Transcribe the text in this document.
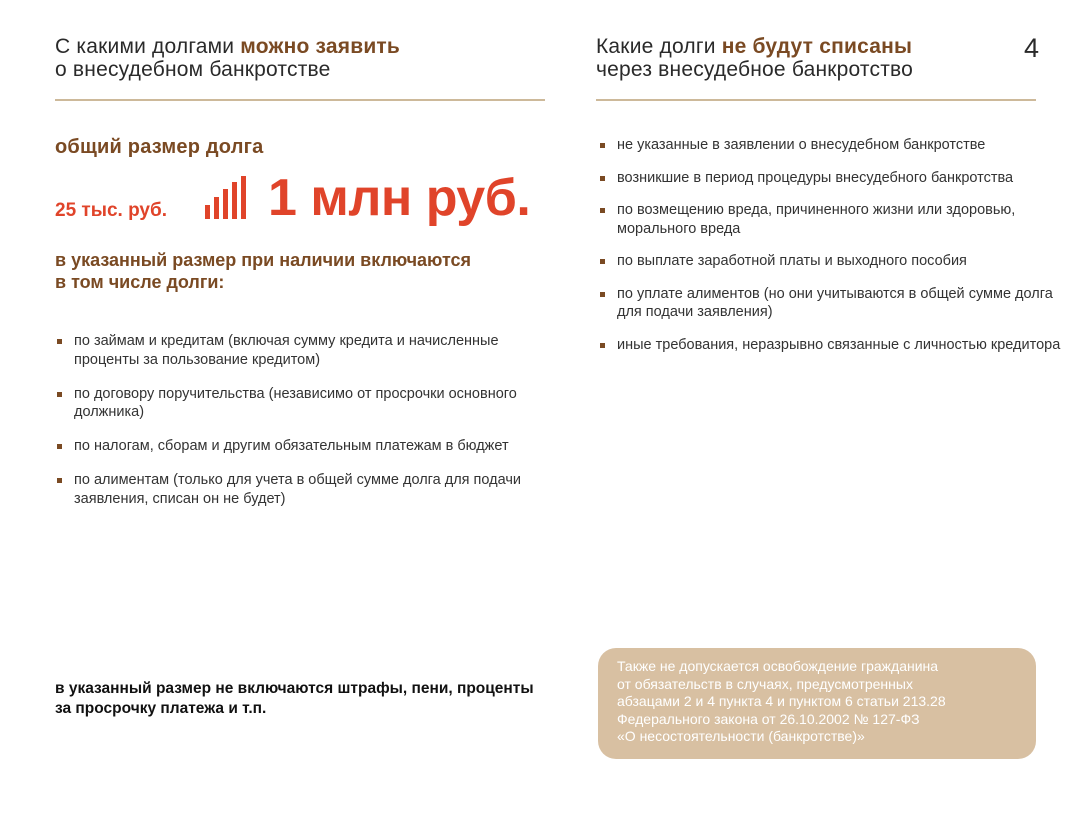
С какими долгами можно заявить
о внесудебном банкротстве
общий размер долга
25 тыс. руб. 1 млн руб.
в указанный размер при наличии включаются в том числе долги:
по займам и кредитам (включая сумму кредита и начисленные проценты за пользование кредитом)
по договору поручительства (независимо от просрочки основного должника)
по налогам, сборам и другим обязательным платежам в бюджет
по алиментам (только для учета в общей сумме долга для подачи заявления, списан он не будет)
в указанный размер не включаются штрафы, пени, проценты за просрочку платежа и т.п.
Какие долги не будут списаны
через внесудебное банкротство
4
не указанные в заявлении о внесудебном банкротстве
возникшие в период процедуры внесудебного банкротства
по возмещению вреда, причиненного жизни или здоровью, морального вреда
по выплате заработной платы и выходного пособия
по уплате алиментов (но они учитываются в общей сумме долга для подачи заявления)
иные требования, неразрывно связанные с личностью кредитора
Также не допускается освобождение гражданина
от обязательств в случаях, предусмотренных
абзацами 2 и 4 пункта 4 и пунктом 6 статьи 213.28
Федерального закона от 26.10.2002 № 127-ФЗ
«О несостоятельности (банкротстве)»
